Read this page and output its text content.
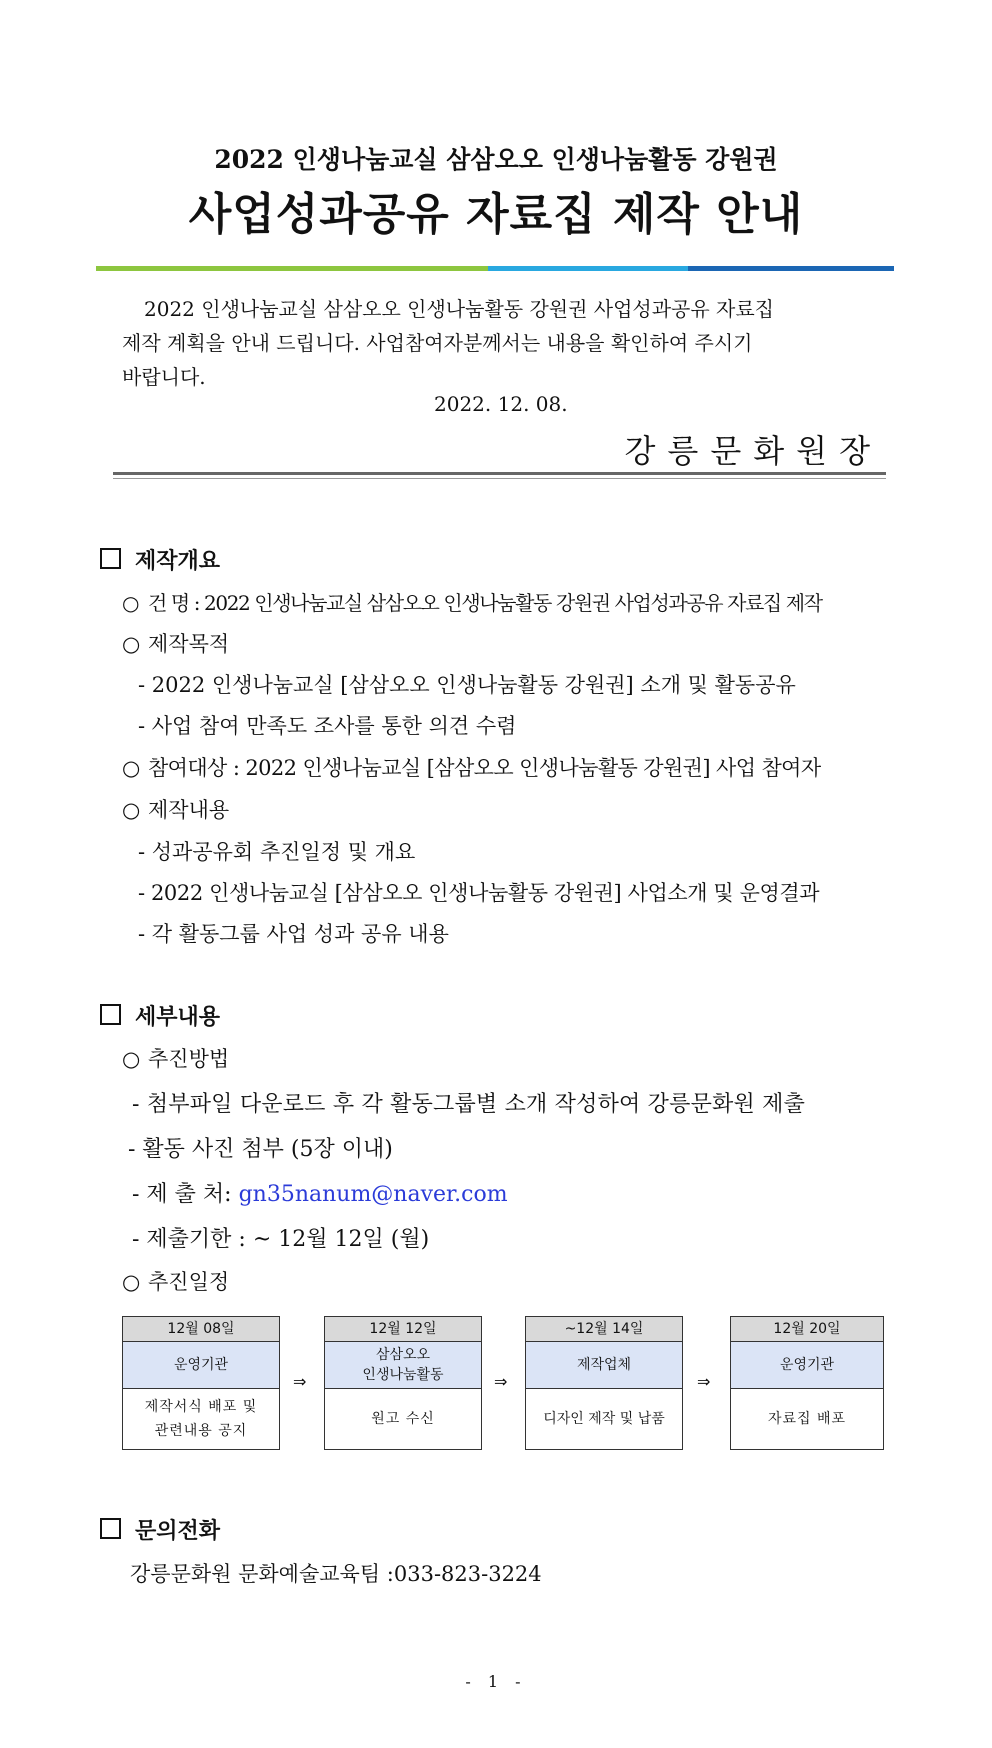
2022 인생나눔교실 삼삼오오 인생나눔활동 강원권
사업성과공유 자료집 제작 안내
2022 인생나눔교실 삼삼오오 인생나눔활동 강원권 사업성과공유 자료집
제작 계획을 안내 드립니다. 사업참여자분께서는 내용을 확인하여 주시기
바랍니다.
2022. 12. 08.
강릉문화원장
제작개요
○ 건 명 : 2022 인생나눔교실 삼삼오오 인생나눔활동 강원권 사업성과공유 자료집 제작
○ 제작목적
- 2022 인생나눔교실 [삼삼오오 인생나눔활동 강원권] 소개 및 활동공유
- 사업 참여 만족도 조사를 통한 의견 수렴
○ 참여대상 : 2022 인생나눔교실 [삼삼오오 인생나눔활동 강원권] 사업 참여자
○ 제작내용
- 성과공유회 추진일정 및 개요
- 2022 인생나눔교실 [삼삼오오 인생나눔활동 강원권] 사업소개 및 운영결과
- 각 활동그룹 사업 성과 공유 내용
세부내용
○ 추진방법
- 첨부파일 다운로드 후 각 활동그룹별 소개 작성하여 강릉문화원 제출
- 활동 사진 첨부 (5장 이내)
- 제 출 처: gn35nanum@naver.com
- 제출기한 : ~ 12월 12일 (월)
○ 추진일정
12월 08일
운영기관
제작서식 배포 및
관련내용 공지
⇒
12월 12일
삼삼오오
인생나눔활동
원고 수신
⇒
~12월 14일
제작업체
디자인 제작 및 납품
⇒
12월 20일
운영기관
자료집 배포
문의전화
강릉문화원 문화예술교육팀 :033-823-3224
- 1 -
